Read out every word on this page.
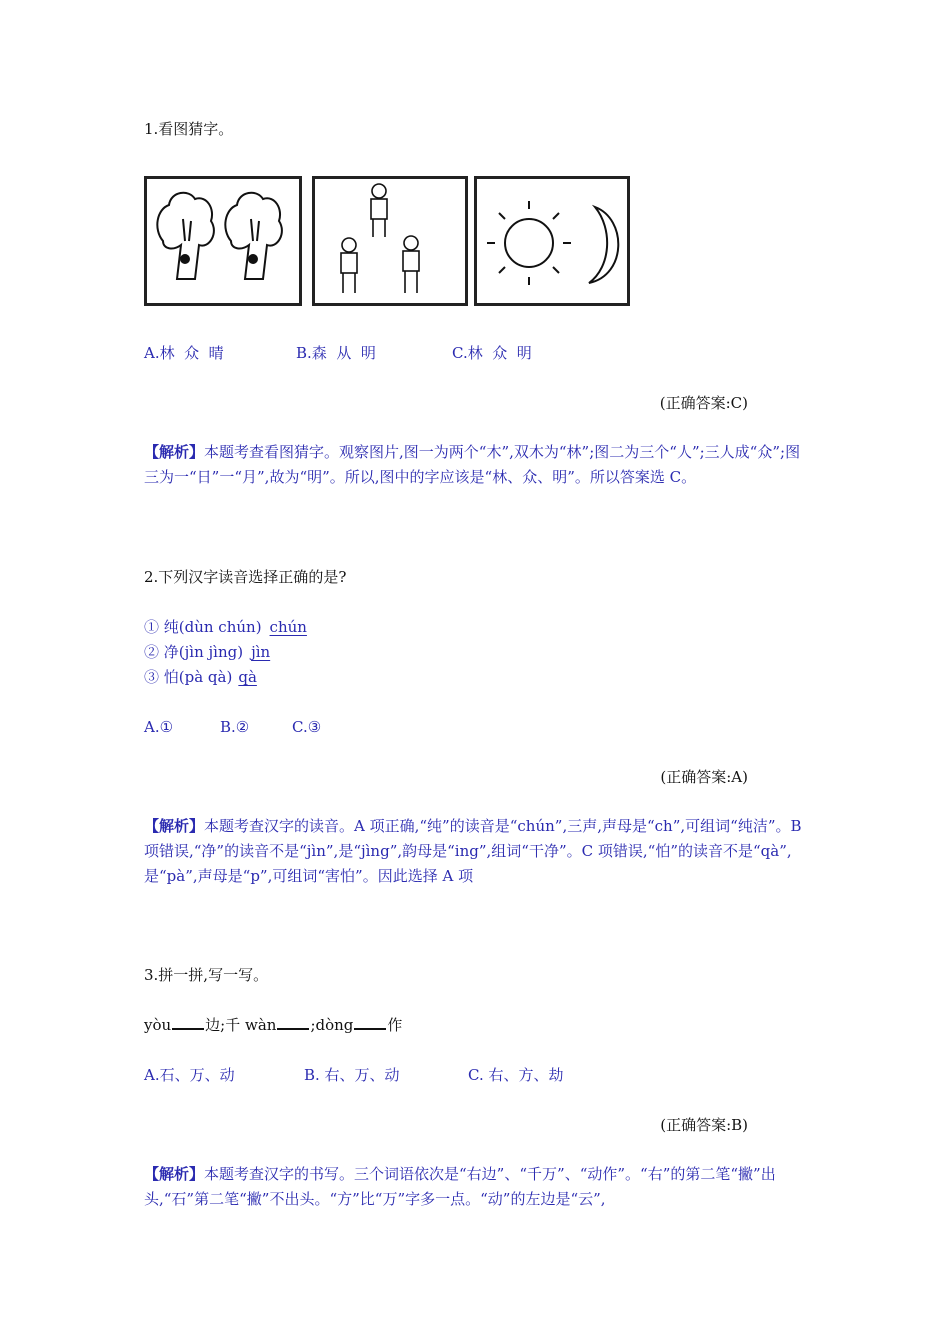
1.看图猜字。
A.林  众  晴	B.森  从  明	C.林  众  明
(正确答案:C)
【解析】本题考查看图猜字。观察图片,图一为两个“木”,双木为“林”;图二为三个“人”;三人成“众”;图三为一“日”一“月”,故为“明”。所以,图中的字应该是“林、众、明”。所以答案选 C。
2.下列汉字读音选择正确的是?
① 纯(dùn chún) chún
② 净(jìn jìng) jìn
③ 怕(pà qà) qà
A.①	B.②	C.③
(正确答案:A)
【解析】本题考查汉字的读音。A 项正确,“纯”的读音是“chún”,三声,声母是“ch”,可组词“纯洁”。B 项错误,“净”的读音不是“jìn”,是“jìng”,韵母是“ing”,组词“干净”。C 项错误,“怕”的读音不是“qà”,是“pà”,声母是“p”,可组词“害怕”。因此选择 A 项
3.拼一拼,写一写。
yòu 边;千 wàn ;dòng 作
A.石、万、动	B. 右、万、动	C. 右、方、劫
(正确答案:B)
【解析】本题考查汉字的书写。三个词语依次是“右边”、“千万”、“动作”。“右”的第二笔“撇”出头,“石”第二笔“撇”不出头。“方”比“万”字多一点。“动”的左边是“云”,
